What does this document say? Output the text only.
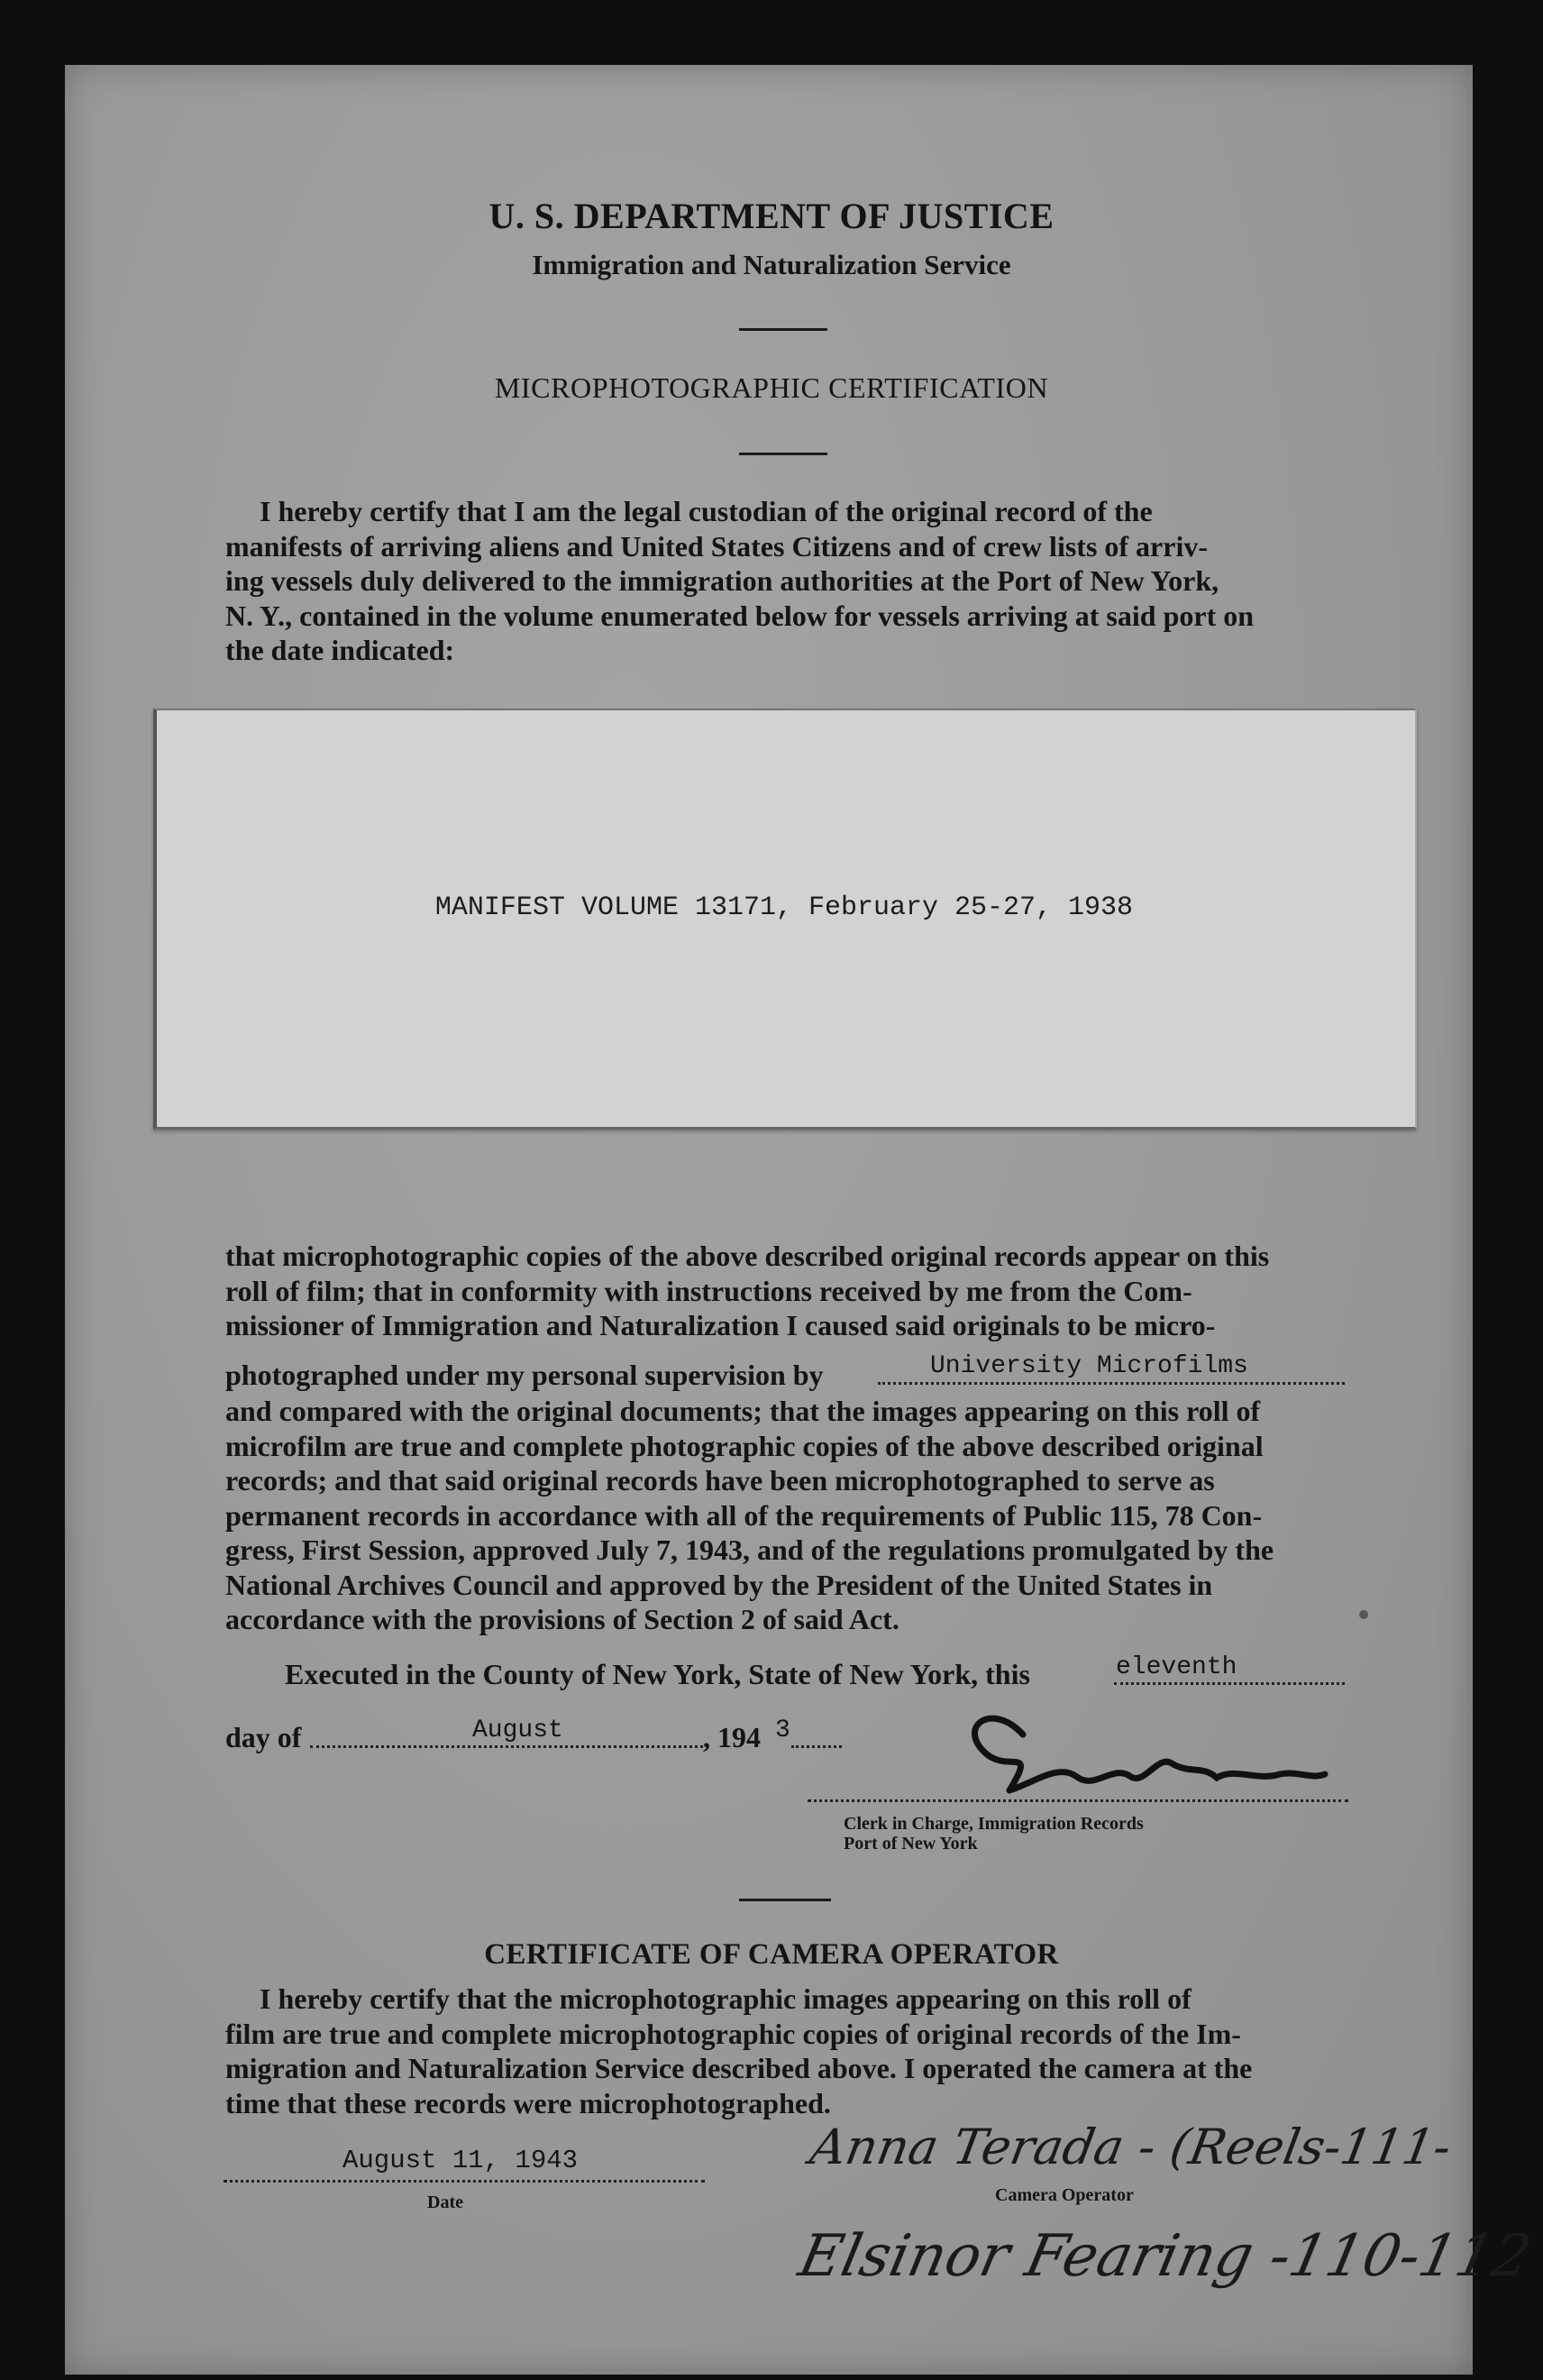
U. S. DEPARTMENT OF JUSTICE
Immigration and Naturalization Service
MICROPHOTOGRAPHIC CERTIFICATION
I hereby certify that I am the legal custodian of the original record of the
manifests of arriving aliens and United States Citizens and of crew lists of arriv-
ing vessels duly delivered to the immigration authorities at the Port of New York,
N. Y., contained in the volume enumerated below for vessels arriving at said port on
the date indicated:
MANIFEST VOLUME 13171, February 25-27, 1938
that microphotographic copies of the above described original records appear on this
roll of film; that in conformity with instructions received by me from the Com-
missioner of Immigration and Naturalization I caused said originals to be micro-
photographed under my personal supervision by	University Microfilms
and compared with the original documents; that the images appearing on this roll of
microfilm are true and complete photographic copies of the above described original
records; and that said original records have been microphotographed to serve as
permanent records in accordance with all of the requirements of Public 115, 78 Con-
gress, First Session, approved July 7, 1943, and of the regulations promulgated by the
National Archives Council and approved by the President of the United States in
accordance with the provisions of Section 2 of said Act.
Executed in the County of New York, State of New York, this	eleventh
day of	August	, 194 3
Clerk in Charge, Immigration Records
Port of New York
CERTIFICATE OF CAMERA OPERATOR
I hereby certify that the microphotographic images appearing on this roll of
film are true and complete microphotographic copies of original records of the Im-
migration and Naturalization Service described above. I operated the camera at the
time that these records were microphotographed.
August 11, 1943
Date
Anna Terada - (Reels-111-
Camera Operator
Elsinor Fearing -110-112
